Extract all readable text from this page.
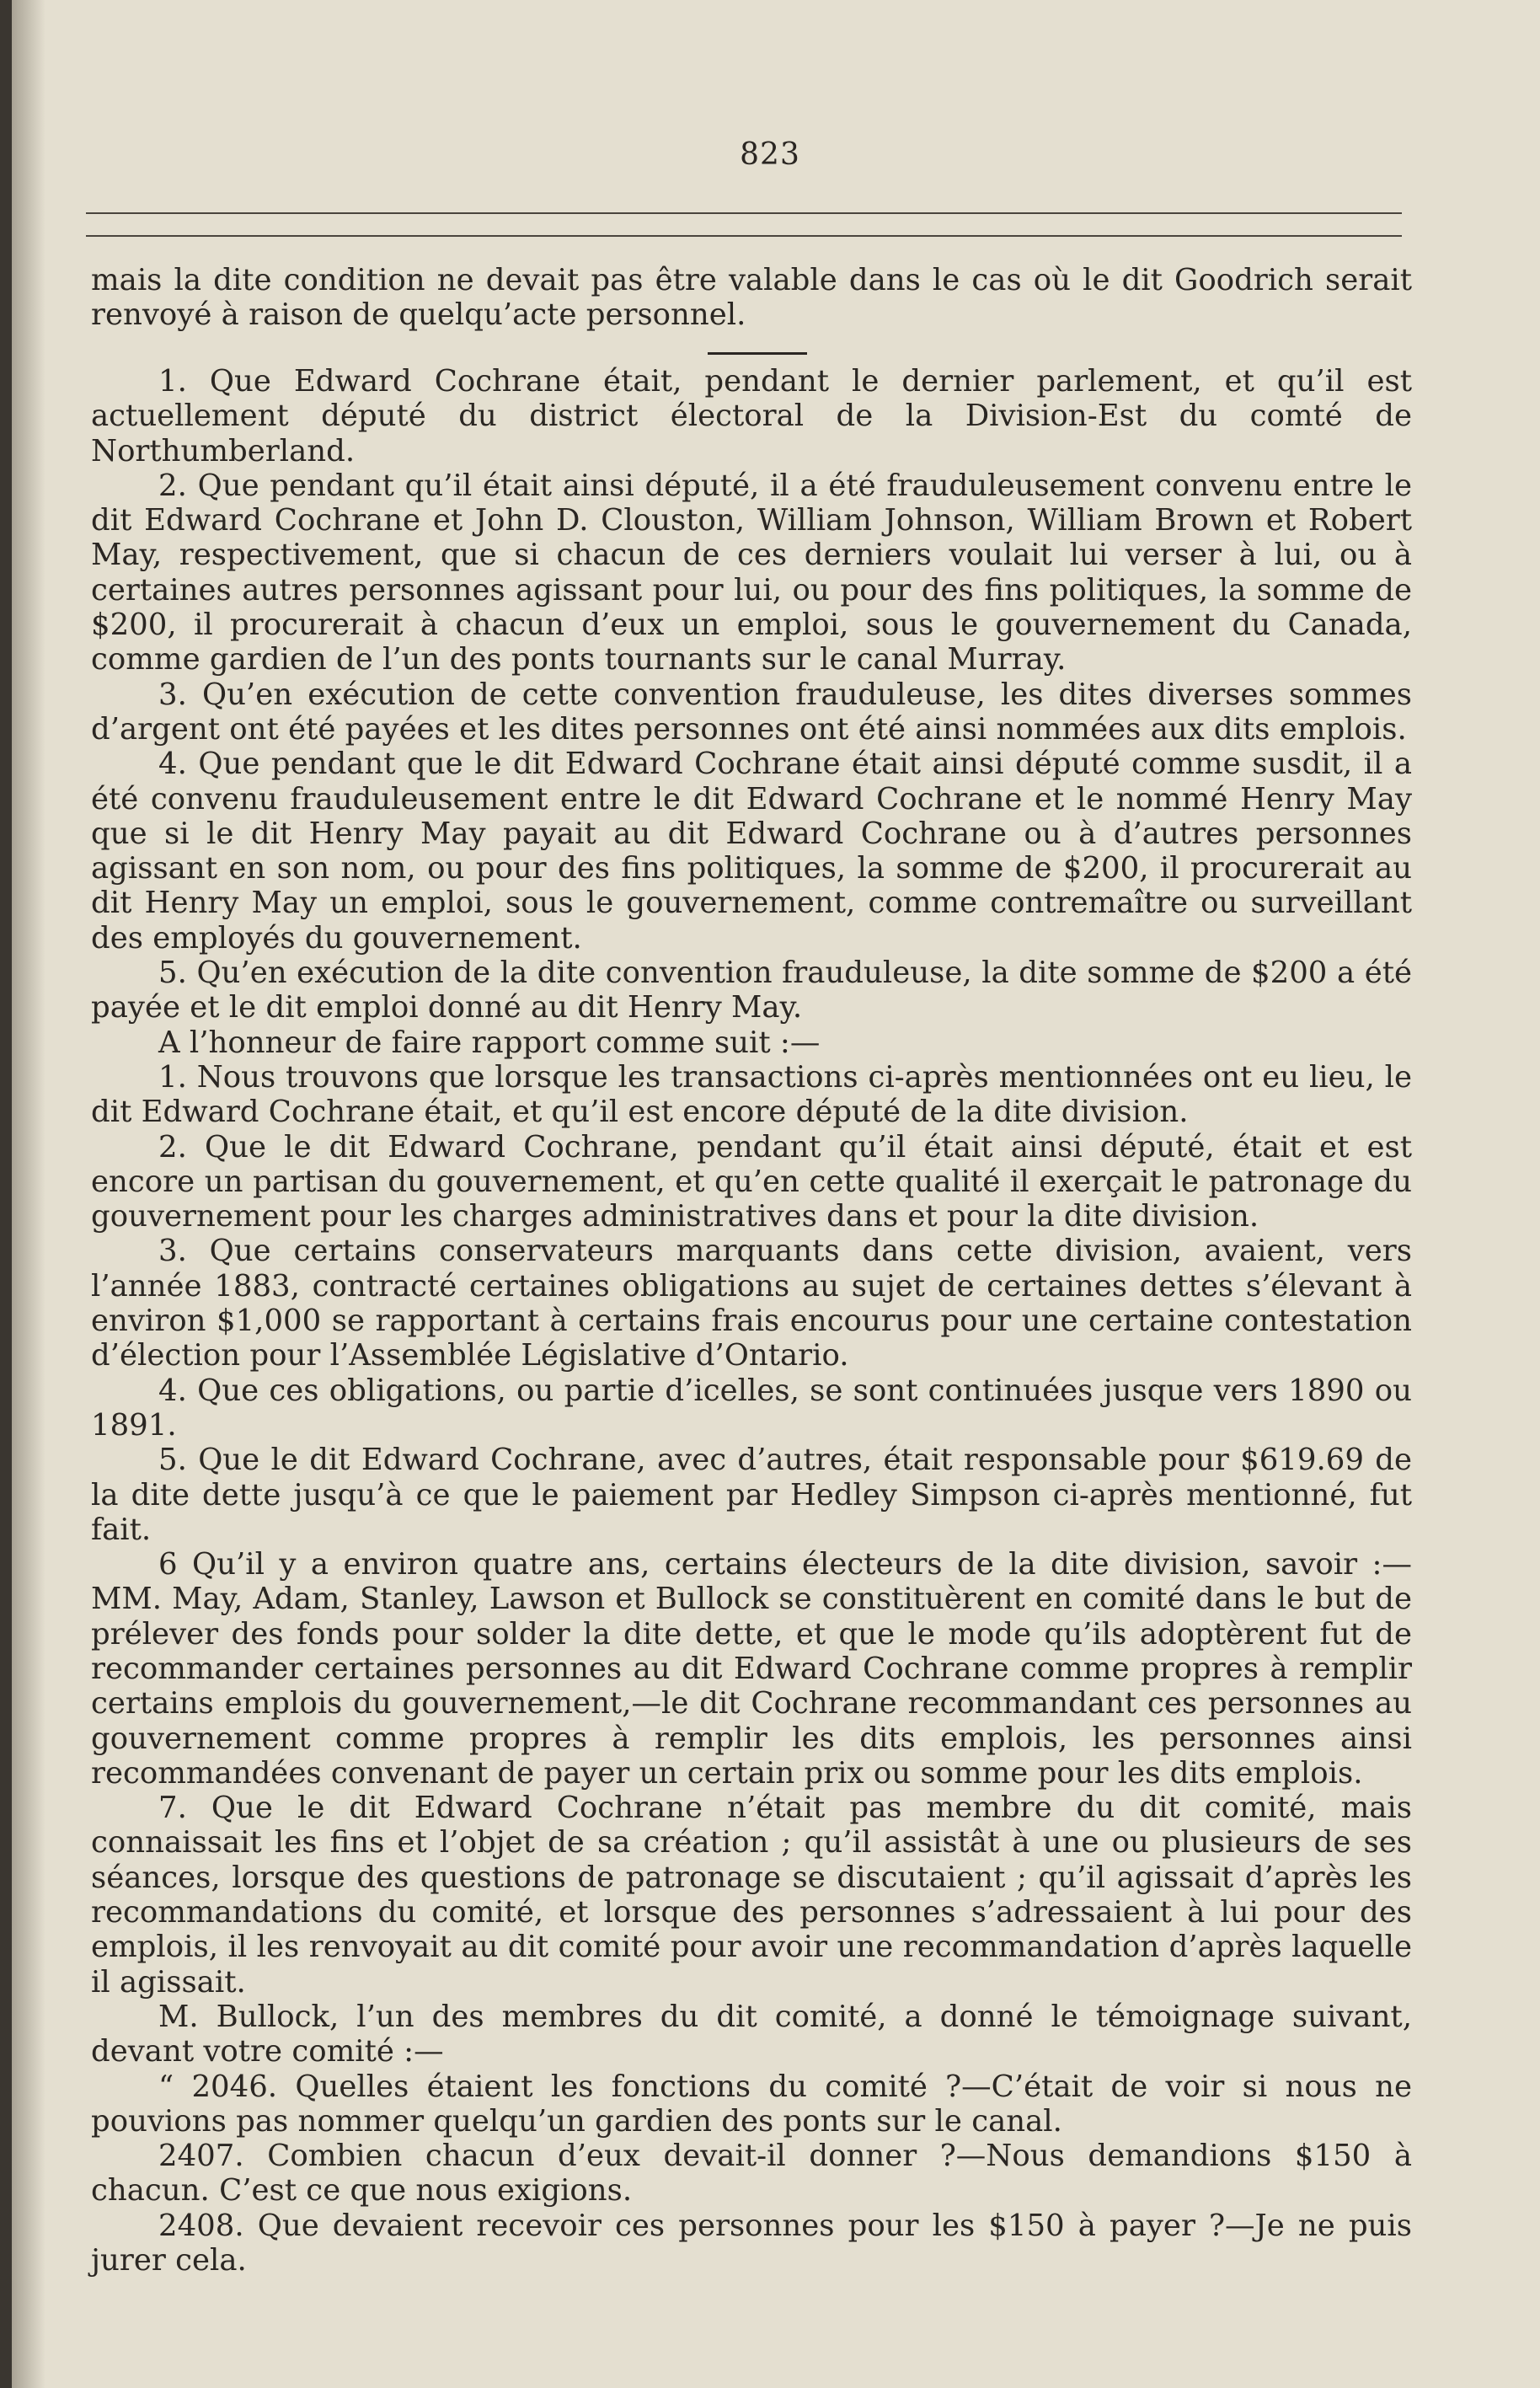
823

mais la dite condition ne devait pas être valable dans le cas où le dit Goodrich serait renvoyé à raison de quelqu’acte personnel.

1. Que Edward Cochrane était, pendant le dernier parlement, et qu’il est actuellement député du district électoral de la Division-Est du comté de Northumberland.

2. Que pendant qu’il était ainsi député, il a été frauduleusement convenu entre le dit Edward Cochrane et John D. Clouston, William Johnson, William Brown et Robert May, respectivement, que si chacun de ces derniers voulait lui verser à lui, ou à certaines autres personnes agissant pour lui, ou pour des fins politiques, la somme de $200, il procurerait à chacun d’eux un emploi, sous le gouvernement du Canada, comme gardien de l’un des ponts tournants sur le canal Murray.

3. Qu’en exécution de cette convention frauduleuse, les dites diverses sommes d’argent ont été payées et les dites personnes ont été ainsi nommées aux dits emplois.

4. Que pendant que le dit Edward Cochrane était ainsi député comme susdit, il a été convenu frauduleusement entre le dit Edward Cochrane et le nommé Henry May que si le dit Henry May payait au dit Edward Cochrane ou à d’autres personnes agissant en son nom, ou pour des fins politiques, la somme de $200, il procurerait au dit Henry May un emploi, sous le gouvernement, comme contremaître ou surveillant des employés du gouvernement.

5. Qu’en exécution de la dite convention frauduleuse, la dite somme de $200 a été payée et le dit emploi donné au dit Henry May.

A l’honneur de faire rapport comme suit :—

1. Nous trouvons que lorsque les transactions ci-après mentionnées ont eu lieu, le dit Edward Cochrane était, et qu’il est encore député de la dite division.

2. Que le dit Edward Cochrane, pendant qu’il était ainsi député, était et est encore un partisan du gouvernement, et qu’en cette qualité il exerçait le patronage du gouvernement pour les charges administratives dans et pour la dite division.

3. Que certains conservateurs marquants dans cette division, avaient, vers l’année 1883, contracté certaines obligations au sujet de certaines dettes s’élevant à environ $1,000 se rapportant à certains frais encourus pour une certaine contestation d’élection pour l’Assemblée Législative d’Ontario.

4. Que ces obligations, ou partie d’icelles, se sont continuées jusque vers 1890 ou 1891.

5. Que le dit Edward Cochrane, avec d’autres, était responsable pour $619.69 de la dite dette jusqu’à ce que le paiement par Hedley Simpson ci-après mentionné, fut fait.

6 Qu’il y a environ quatre ans, certains électeurs de la dite division, savoir :— MM. May, Adam, Stanley, Lawson et Bullock se constituèrent en comité dans le but de prélever des fonds pour solder la dite dette, et que le mode qu’ils adoptèrent fut de recommander certaines personnes au dit Edward Cochrane comme propres à remplir certains emplois du gouvernement,—le dit Cochrane recommandant ces personnes au gouvernement comme propres à remplir les dits emplois, les personnes ainsi recommandées convenant de payer un certain prix ou somme pour les dits emplois.

7. Que le dit Edward Cochrane n’était pas membre du dit comité, mais connaissait les fins et l’objet de sa création ; qu’il assistât à une ou plusieurs de ses séances, lorsque des questions de patronage se discutaient ; qu’il agissait d’après les recommandations du comité, et lorsque des personnes s’adressaient à lui pour des emplois, il les renvoyait au dit comité pour avoir une recommandation d’après laquelle il agissait.

M. Bullock, l’un des membres du dit comité, a donné le témoignage suivant, devant votre comité :—

“ 2046. Quelles étaient les fonctions du comité ?—C’était de voir si nous ne pouvions pas nommer quelqu’un gardien des ponts sur le canal.

2407. Combien chacun d’eux devait-il donner ?—Nous demandions $150 à chacun. C’est ce que nous exigions.

2408. Que devaient recevoir ces personnes pour les $150 à payer ?—Je ne puis jurer cela.
